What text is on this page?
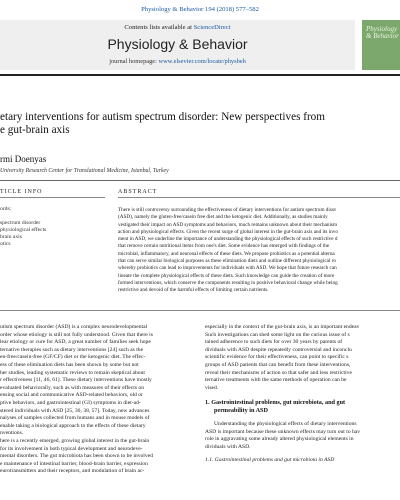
Physiology & Behavior 194 (2018) 577–582
Contents lists available at ScienceDirect
Physiology & Behavior
journal homepage: www.elsevier.com/locate/physbeh
Physiology & Behavior
etary interventions for autism spectrum disorder: New perspectives from
e gut-brain axis
rmi Doenyas
University Research Center for Translational Medicine, Istanbul, Turkey
TICLE INFO	ABSTRACT
ords:
spectrum disorder
physiological effects
brain axis
otics
There is still controversy surrounding the effectiveness of dietary interventions for autism spectrum disor
(ASD), namely the gluten-free/casein free diet and the ketogenic diet. Additionally, as studies mainly
vestigated their impact on ASD symptoms and behaviors, much remains unknown about their mechanism
action and physiological effects. Given the recent surge of global interest in the gut-brain axis and its invo
ment in ASD, we underline the importance of understanding the physiological effects of such restrictive d
that remove certain nutritional items from one's diet. Some evidence has emerged with findings of the
microbial, inflammatory, and neuronal effects of these diets. We propose probiotics as a potential alterna
that can serve similar biological purposes as these elimination diets and outline different physiological ro
whereby probiotics can lead to improvements for individuals with ASD. We hope that future research can
lineate the complete physiological effects of these diets. Such knowledge can guide the creation of more
formed interventions, which conserve the components resulting in positive behavioral change while being
restrictive and devoid of the harmful effects of limiting certain nutrients.
utism spectrum disorder (ASD) is a complex neurodevelopmental
order whose etiology is still not fully understood. Given that there is
lear etiology or cure for ASD, a great number of families seek hope
ternative therapies such as dietary interventions [24] such as the
en-free/casein-free (GF/CF) diet or the ketogenic diet. The effec-
ess of these elimination diets has been shown by some but not
her studies, leading systematic reviews to remain skeptical about
r effectiveness [11, 46, 61]. These dietary interventions have mostly
evaluated behaviorally, such as with measures of their effects on
ensing social and communicative ASD-related behaviors, old or
ptive behaviors, and gastrointestinal (GI) symptoms in diet-ad-
stered individuals with ASD [25, 30, 38, 57]. Today, new advances
nalyses of samples collected from humans and in mouse models of
enable taking a biological approach to the effects of these dietary
nventions.
here is a recently emerged, growing global interest in the gut-brain
for its involvement in both typical development and neurodeve-
mental disorders. The gut microbiota has been shown to be involved
e maintenance of intestinal barrier, blood-brain barrier, expression
eurotransmitters and their receptors, and modulation of brain ac-
especially in the context of the gut-brain axis, is an important endeav
Such investigations can shed some light on the curious issue of s
tained adherence to such diets for over 30 years by parents of
dividuals with ASD despite repeatedly controversial and inconclu
scientific evidence for their effectiveness, can point to specific s
groups of ASD patients that can benefit from these interventions,
reveal their mechanisms of action so that safer and less restrictive
ternative treatments with the same methods of operation can be
vised.
1. Gastrointestinal problems, gut microbiota, and gut
permeability in ASD
Understanding the physiological effects of dietary interventions
ASD is important because these unknown effects may turn out to hav
role in aggravating some already altered physiological elements in
dividuals with ASD.
1.1. Gastrointestinal problems and gut microbiota in ASD
